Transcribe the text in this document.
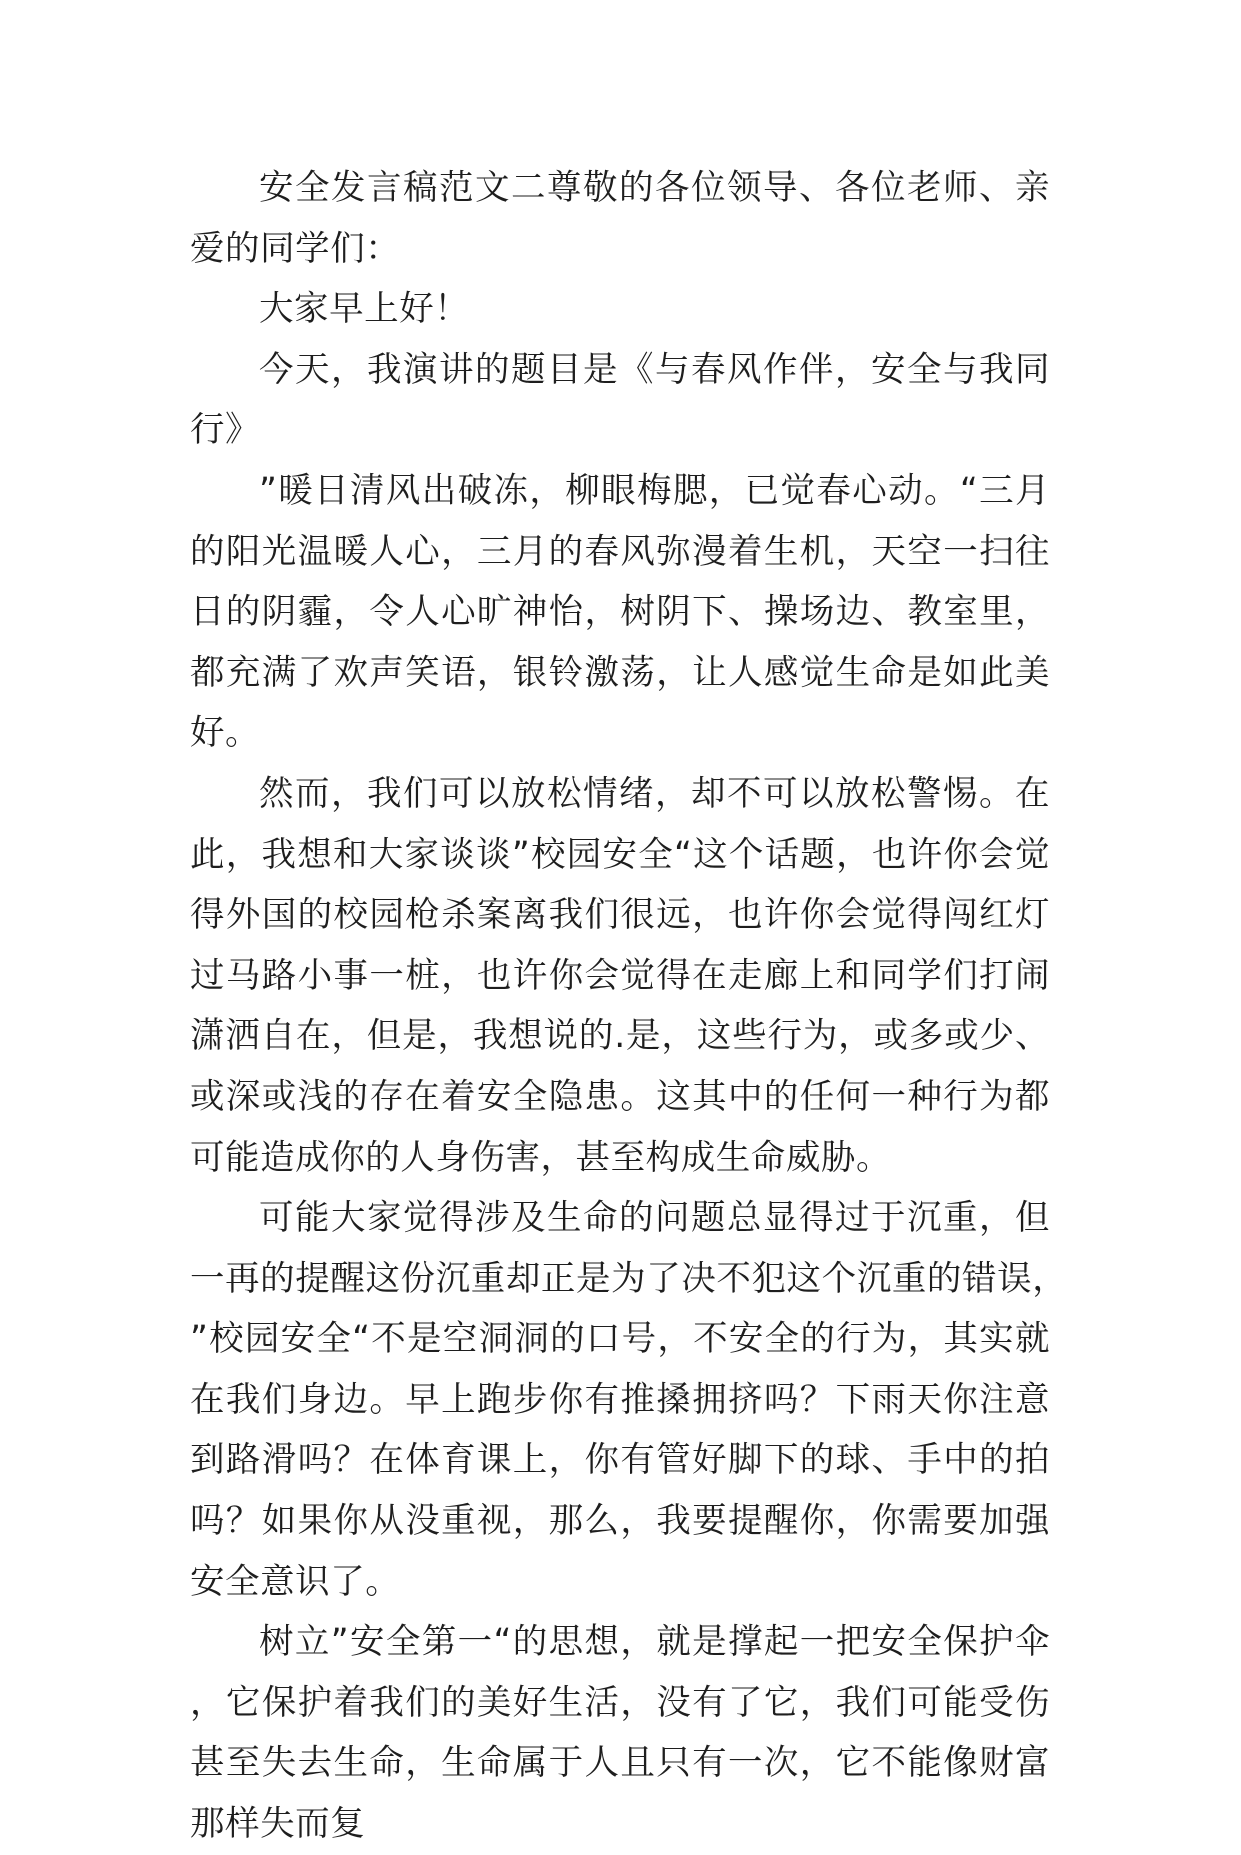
安全发言稿范文二尊敬的各位领导、各位老师、亲爱的同学们：

大家早上好！

今天，我演讲的题目是《与春风作伴，安全与我同行》

”暖日清风出破冻，柳眼梅腮，已觉春心动。“三月的阳光温暖人心，三月的春风弥漫着生机，天空一扫往日的阴霾，令人心旷神怡，树阴下、操场边、教室里，都充满了欢声笑语，银铃激荡，让人感觉生命是如此美好。

然而，我们可以放松情绪，却不可以放松警惕。在此，我想和大家谈谈”校园安全“这个话题，也许你会觉得外国的校园枪杀案离我们很远，也许你会觉得闯红灯过马路小事一桩，也许你会觉得在走廊上和同学们打闹潇洒自在，但是，我想说的.是，这些行为，或多或少、或深或浅的存在着安全隐患。这其中的任何一种行为都可能造成你的人身伤害，甚至构成生命威胁。

可能大家觉得涉及生命的问题总显得过于沉重，但一再的提醒这份沉重却正是为了决不犯这个沉重的错误，”校园安全“不是空洞洞的口号，不安全的行为，其实就在我们身边。早上跑步你有推搡拥挤吗？下雨天你注意到路滑吗？在体育课上，你有管好脚下的球、手中的拍吗？如果你从没重视，那么，我要提醒你，你需要加强安全意识了。

树立”安全第一“的思想，就是撑起一把安全保护伞，它保护着我们的美好生活，没有了它，我们可能受伤甚至失去生命，生命属于人且只有一次，它不能像财富那样失而复
